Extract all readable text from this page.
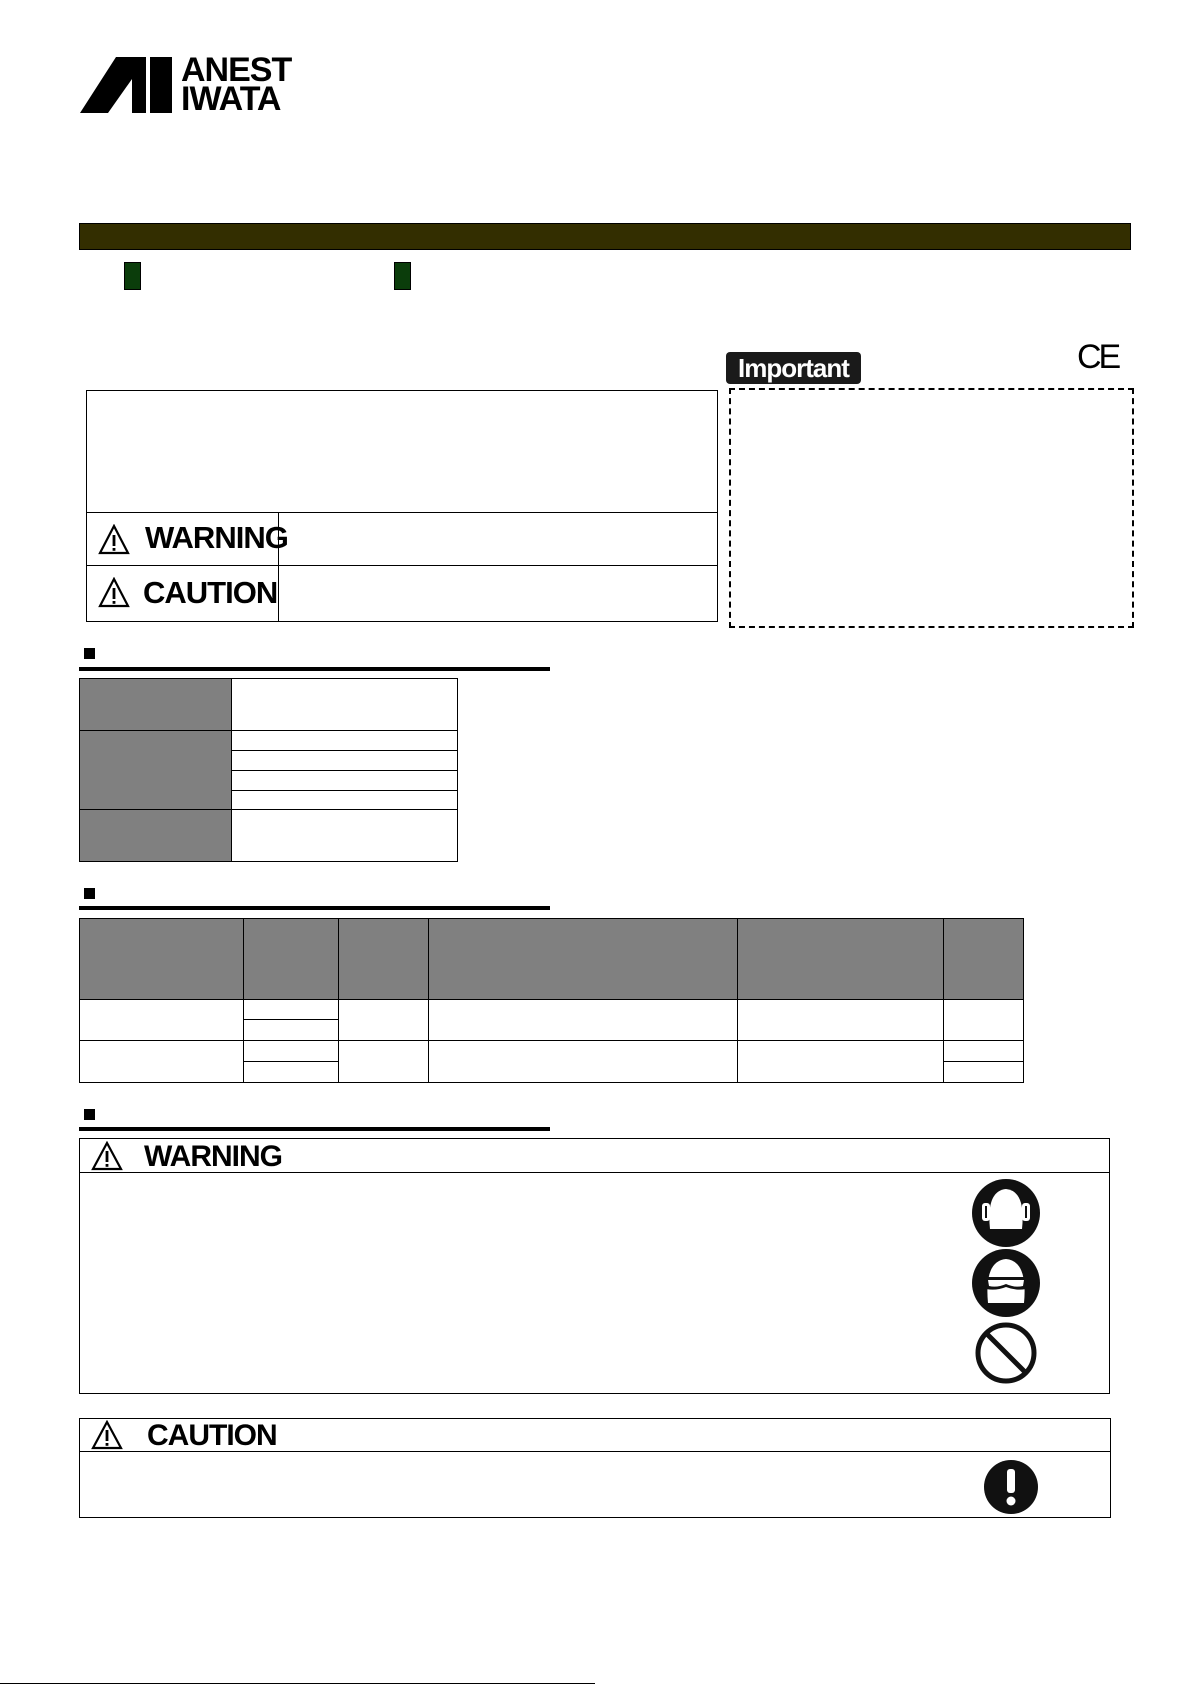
ANEST
IWATA
CE
Important
WARNING
CAUTION
WARNING
CAUTION
